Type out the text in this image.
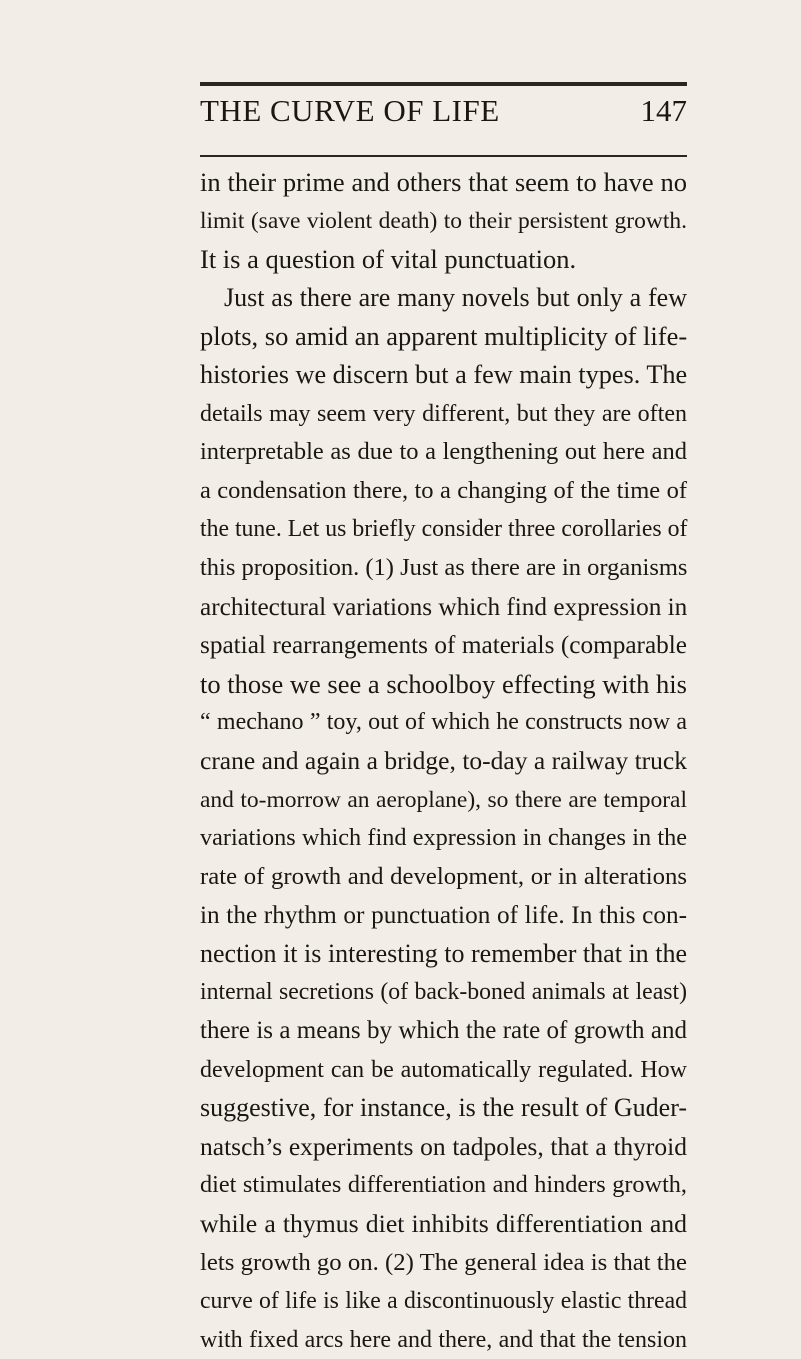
THE CURVE OF LIFE	147
in their prime and others that seem to have no
limit (save violent death) to their persistent growth.
It is a question of vital punctuation.
Just as there are many novels but only a few
plots, so amid an apparent multiplicity of life-
histories we discern but a few main types. The
details may seem very different, but they are often
interpretable as due to a lengthening out here and
a condensation there, to a changing of the time of
the tune. Let us briefly consider three corollaries of
this proposition. (1) Just as there are in organisms
architectural variations which find expression in
spatial rearrangements of materials (comparable
to those we see a schoolboy effecting with his
“ mechano ” toy, out of which he constructs now a
crane and again a bridge, to-day a railway truck
and to-morrow an aeroplane), so there are temporal
variations which find expression in changes in the
rate of growth and development, or in alterations
in the rhythm or punctuation of life. In this con-
nection it is interesting to remember that in the
internal secretions (of back-boned animals at least)
there is a means by which the rate of growth and
development can be automatically regulated. How
suggestive, for instance, is the result of Guder-
natsch’s experiments on tadpoles, that a thyroid
diet stimulates differentiation and hinders growth,
while a thymus diet inhibits differentiation and
lets growth go on. (2) The general idea is that the
curve of life is like a discontinuously elastic thread
with fixed arcs here and there, and that the tension
